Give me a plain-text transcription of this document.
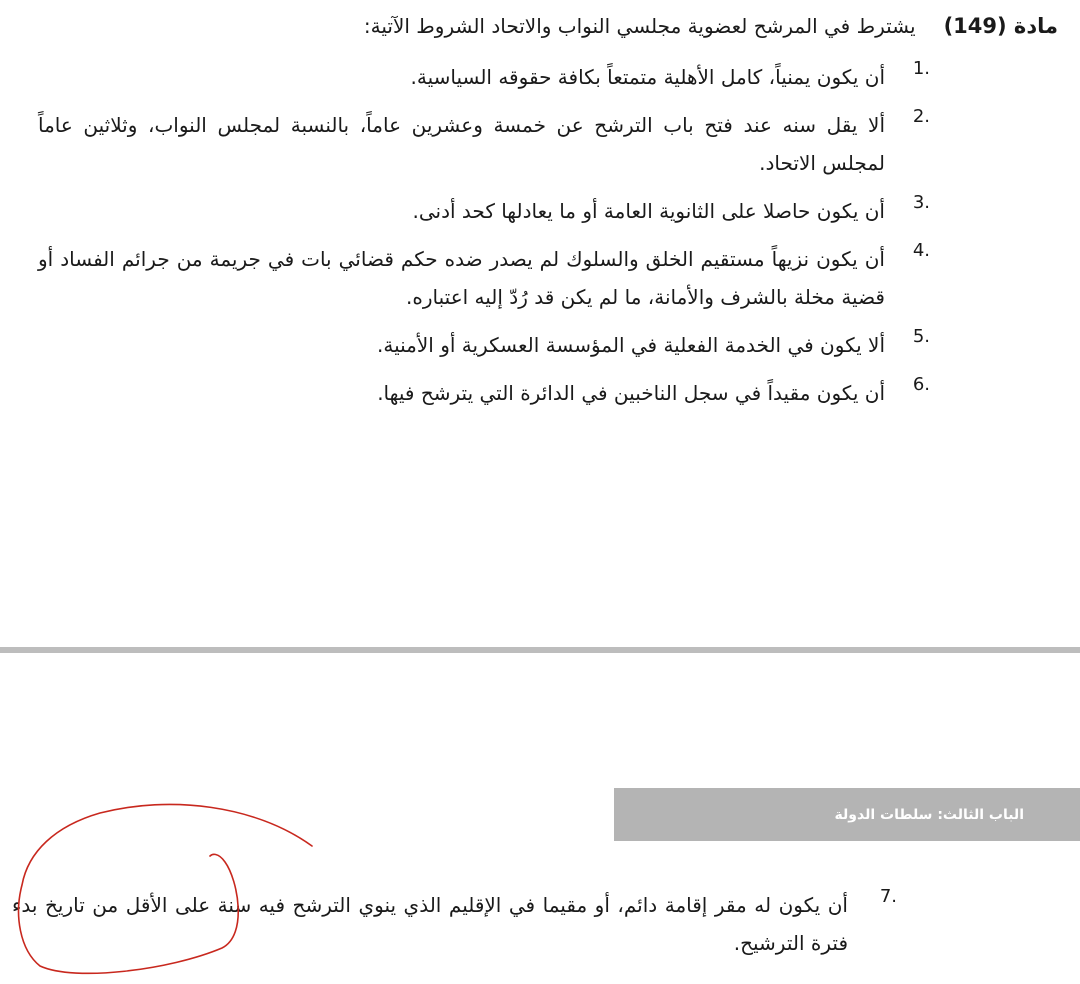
مادة (149)
يشترط في المرشح لعضوية مجلسي النواب والاتحاد الشروط الآتية:
1.
أن يكون يمنياً، كامل الأهلية متمتعاً بكافة حقوقه السياسية.
2.
ألا يقل سنه عند فتح باب الترشح عن خمسة وعشرين عاماً، بالنسبة لمجلس النواب، وثلاثين عاماً لمجلس الاتحاد.
3.
أن يكون حاصلا على الثانوية العامة أو ما يعادلها كحد أدنى.
4.
أن يكون نزيهاً مستقيم الخلق والسلوك لم يصدر ضده حكم قضائي بات في جريمة من جرائم الفساد أو قضية مخلة بالشرف والأمانة، ما لم يكن قد رُدّ إليه اعتباره.
5.
ألا يكون في الخدمة الفعلية في المؤسسة العسكرية أو الأمنية.
6.
أن يكون مقيداً في سجل الناخبين في الدائرة التي يترشح فيها.
الباب الثالث: سلطات الدولة
7.
أن يكون له مقر إقامة دائم، أو مقيما في الإقليم الذي ينوي الترشح فيه سنة على الأقل من تاريخ بدء فترة الترشيح.
